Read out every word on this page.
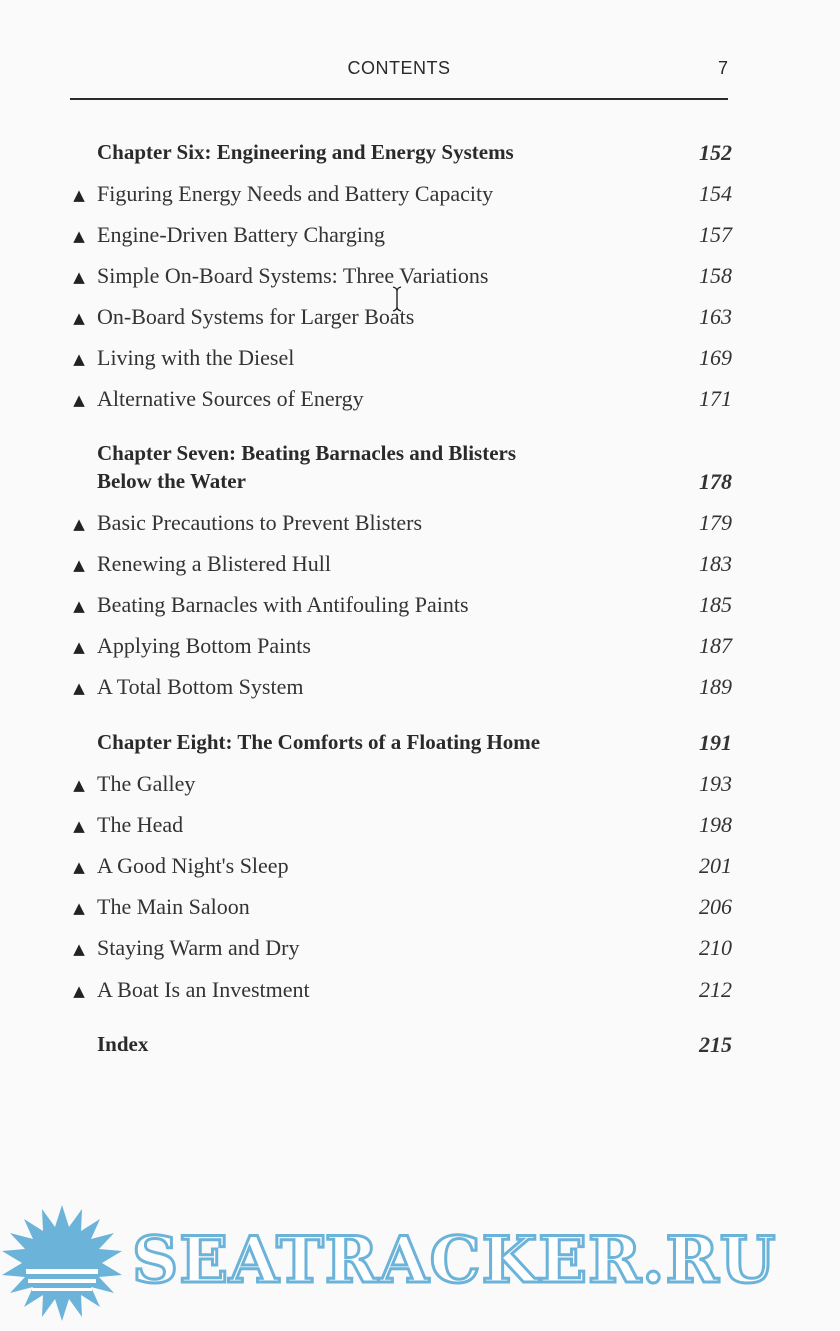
CONTENTS	7
Chapter Six: Engineering and Energy Systems	152
▲ Figuring Energy Needs and Battery Capacity	154
▲ Engine-Driven Battery Charging	157
▲ Simple On-Board Systems: Three Variations	158
▲ On-Board Systems for Larger Boats	163
▲ Living with the Diesel	169
▲ Alternative Sources of Energy	171
Chapter Seven: Beating Barnacles and Blisters
Below the Water	178
▲ Basic Precautions to Prevent Blisters	179
▲ Renewing a Blistered Hull	183
▲ Beating Barnacles with Antifouling Paints	185
▲ Applying Bottom Paints	187
▲ A Total Bottom System	189
Chapter Eight: The Comforts of a Floating Home	191
▲ The Galley	193
▲ The Head	198
▲ A Good Night's Sleep	201
▲ The Main Saloon	206
▲ Staying Warm and Dry	210
▲ A Boat Is an Investment	212
Index	215
SEATRACKER.RU
